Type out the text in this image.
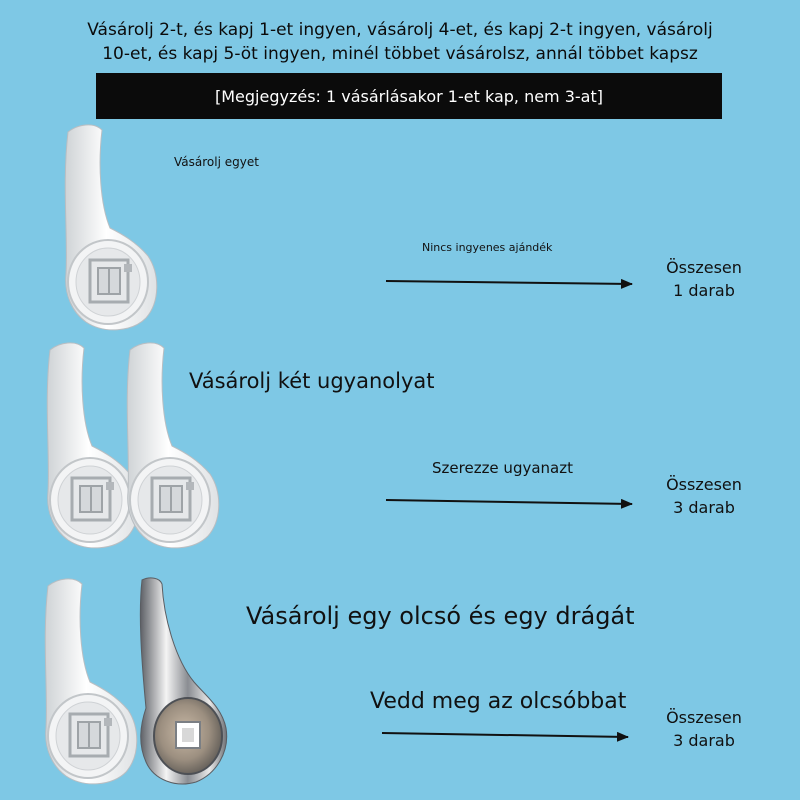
Vásárolj 2-t, és kapj 1-et ingyen, vásárolj 4-et, és kapj 2-t ingyen, vásárolj
10-et, és kapj 5-öt ingyen, minél többet vásárolsz, annál többet kapsz
[Megjegyzés: 1 vásárlásakor 1-et kap, nem 3-at]
Vásárolj egyet
Nincs ingyenes ajándék
Összesen
1 darab
Vásárolj két ugyanolyat
Szerezze ugyanazt
Összesen
3 darab
Vásárolj egy olcsó és egy drágát
Vedd meg az olcsóbbat
Összesen
3 darab
